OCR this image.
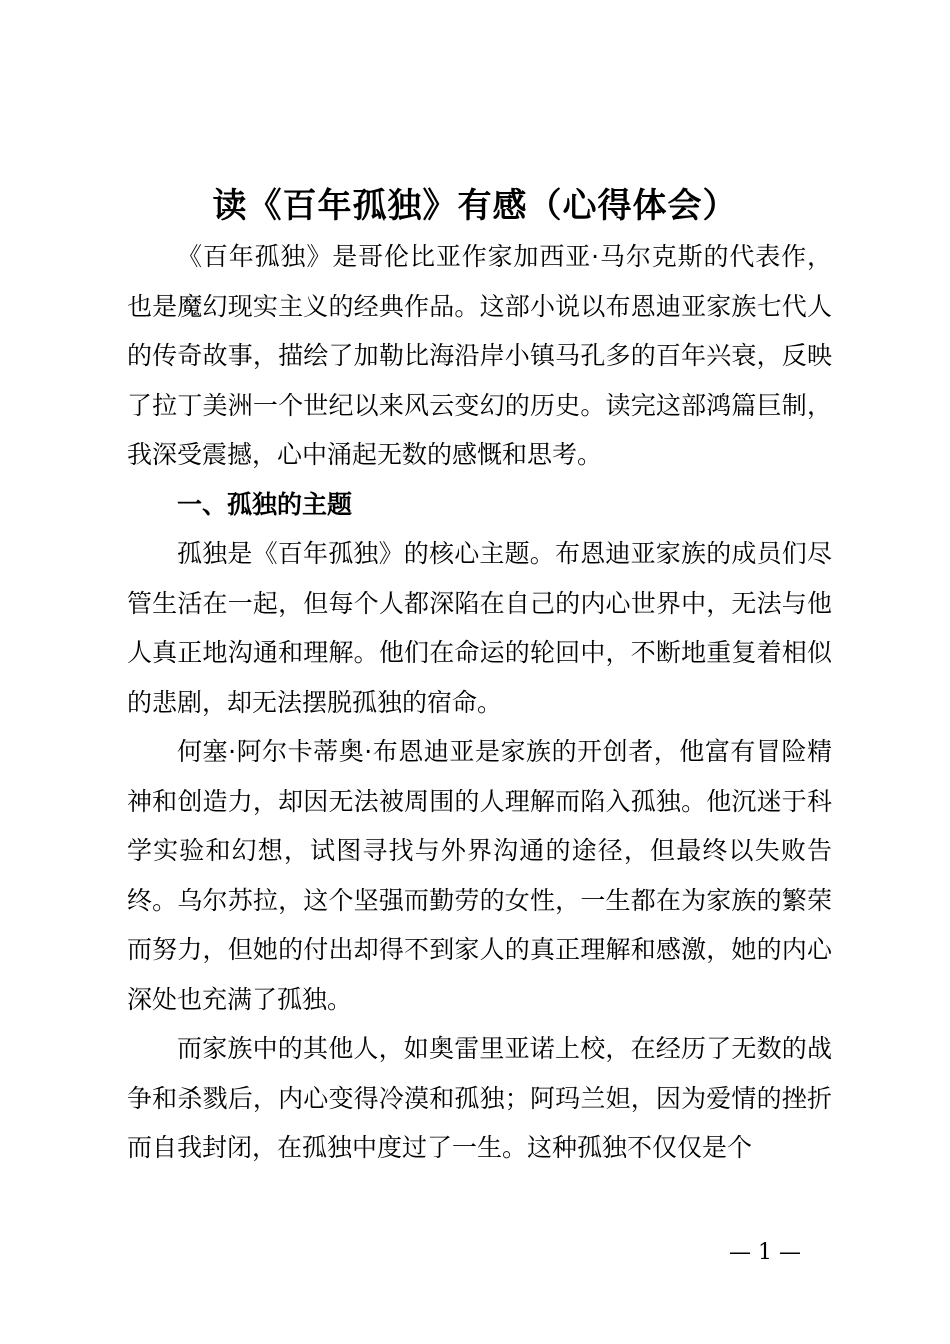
读《百年孤独》有感（心得体会）

《百年孤独》是哥伦比亚作家加西亚·马尔克斯的代表作，也是魔幻现实主义的经典作品。这部小说以布恩迪亚家族七代人的传奇故事，描绘了加勒比海沿岸小镇马孔多的百年兴衰，反映了拉丁美洲一个世纪以来风云变幻的历史。读完这部鸿篇巨制，我深受震撼，心中涌起无数的感慨和思考。

一、孤独的主题

孤独是《百年孤独》的核心主题。布恩迪亚家族的成员们尽管生活在一起，但每个人都深陷在自己的内心世界中，无法与他人真正地沟通和理解。他们在命运的轮回中，不断地重复着相似的悲剧，却无法摆脱孤独的宿命。

何塞·阿尔卡蒂奥·布恩迪亚是家族的开创者，他富有冒险精神和创造力，却因无法被周围的人理解而陷入孤独。他沉迷于科学实验和幻想，试图寻找与外界沟通的途径，但最终以失败告终。乌尔苏拉，这个坚强而勤劳的女性，一生都在为家族的繁荣而努力，但她的付出却得不到家人的真正理解和感激，她的内心深处也充满了孤独。

而家族中的其他人，如奥雷里亚诺上校，在经历了无数的战争和杀戮后，内心变得冷漠和孤独；阿玛兰妲，因为爱情的挫折而自我封闭，在孤独中度过了一生。这种孤独不仅仅是个

— 1 —
